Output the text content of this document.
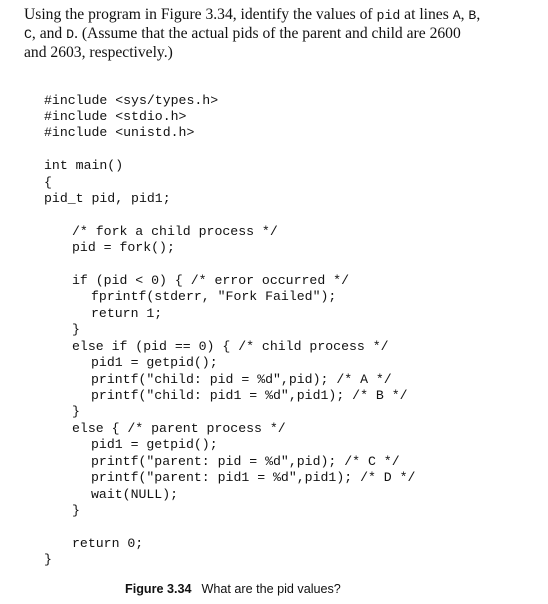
Using the program in Figure 3.34, identify the values of pid at lines A, B,
C, and D. (Assume that the actual pids of the parent and child are 2600
and 2603, respectively.)
#include <sys/types.h>
#include <stdio.h>
#include <unistd.h>
int main()
{
pid_t pid, pid1;
/* fork a child process */
pid = fork();
if (pid < 0) { /* error occurred */
fprintf(stderr, "Fork Failed");
return 1;
}
else if (pid == 0) { /* child process */
pid1 = getpid();
printf("child: pid = %d",pid); /* A */
printf("child: pid1 = %d",pid1); /* B */
}
else { /* parent process */
pid1 = getpid();
printf("parent: pid = %d",pid); /* C */
printf("parent: pid1 = %d",pid1); /* D */
wait(NULL);
}
return 0;
}
Figure 3.34 What are the pid values?
